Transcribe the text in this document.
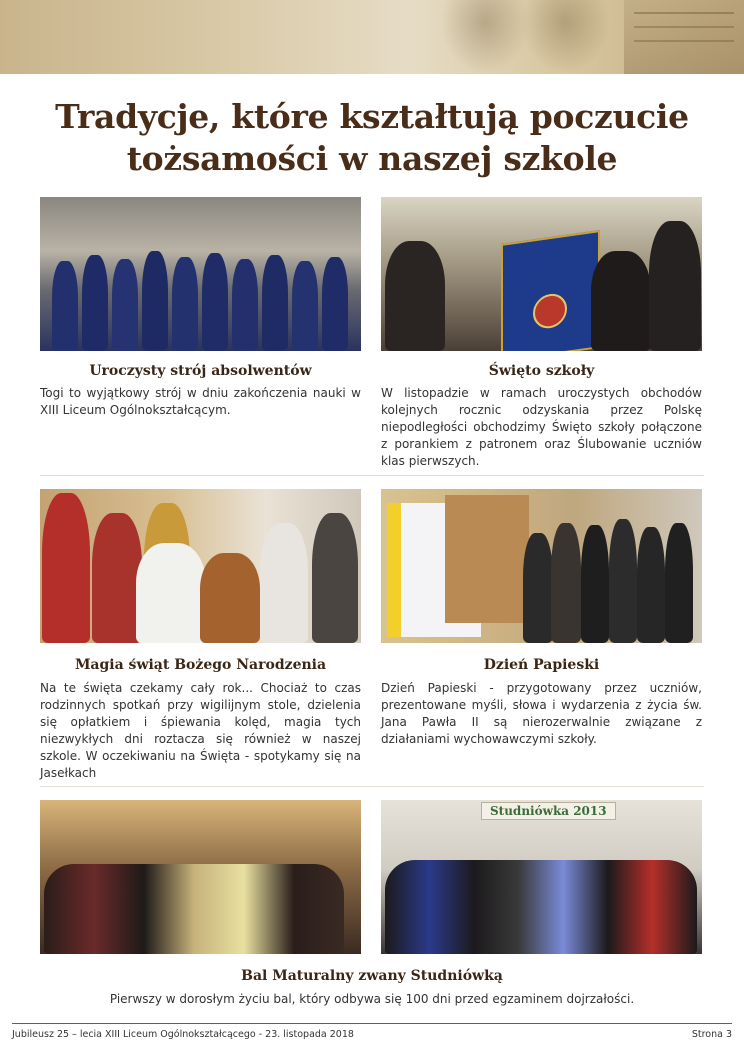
Tradycje, które kształtują poczucie tożsamości w naszej szkole
Uroczysty strój absolwentów	Święto szkoły

Togi to wyjątkowy strój w dniu zakończenia nauki w XIII Liceum Ogólnokształcącym.

W listopadzie w ramach uroczystych obchodów kolejnych rocznic odzyskania przez Polskę niepodległości obchodzimy Święto szkoły połączone z porankiem z patronem oraz Ślubowanie uczniów klas pierwszych.

Magia świąt Bożego Narodzenia	Dzień Papieski

Na te święta czekamy cały rok... Chociaż to czas rodzinnych spotkań przy wigilijnym stole, dzielenia się opłatkiem i śpiewania kolęd, magia tych niezwykłych dni roztacza się również w naszej szkole. W oczekiwaniu na Święta - spotykamy się na Jasełkach

Dzień Papieski - przygotowany przez uczniów, prezentowane myśli, słowa i wydarzenia z życia św. Jana Pawła II są nierozerwalnie związane z działaniami wychowawczymi szkoły.

Studniówka 2013
Bal Maturalny zwany Studniówką

Pierwszy w dorosłym życiu bal, który odbywa się 100 dni przed egzaminem dojrzałości.

Jubileusz 25 – lecia XIII Liceum Ogólnokształcącego - 23. listopada 2018	Strona 3
